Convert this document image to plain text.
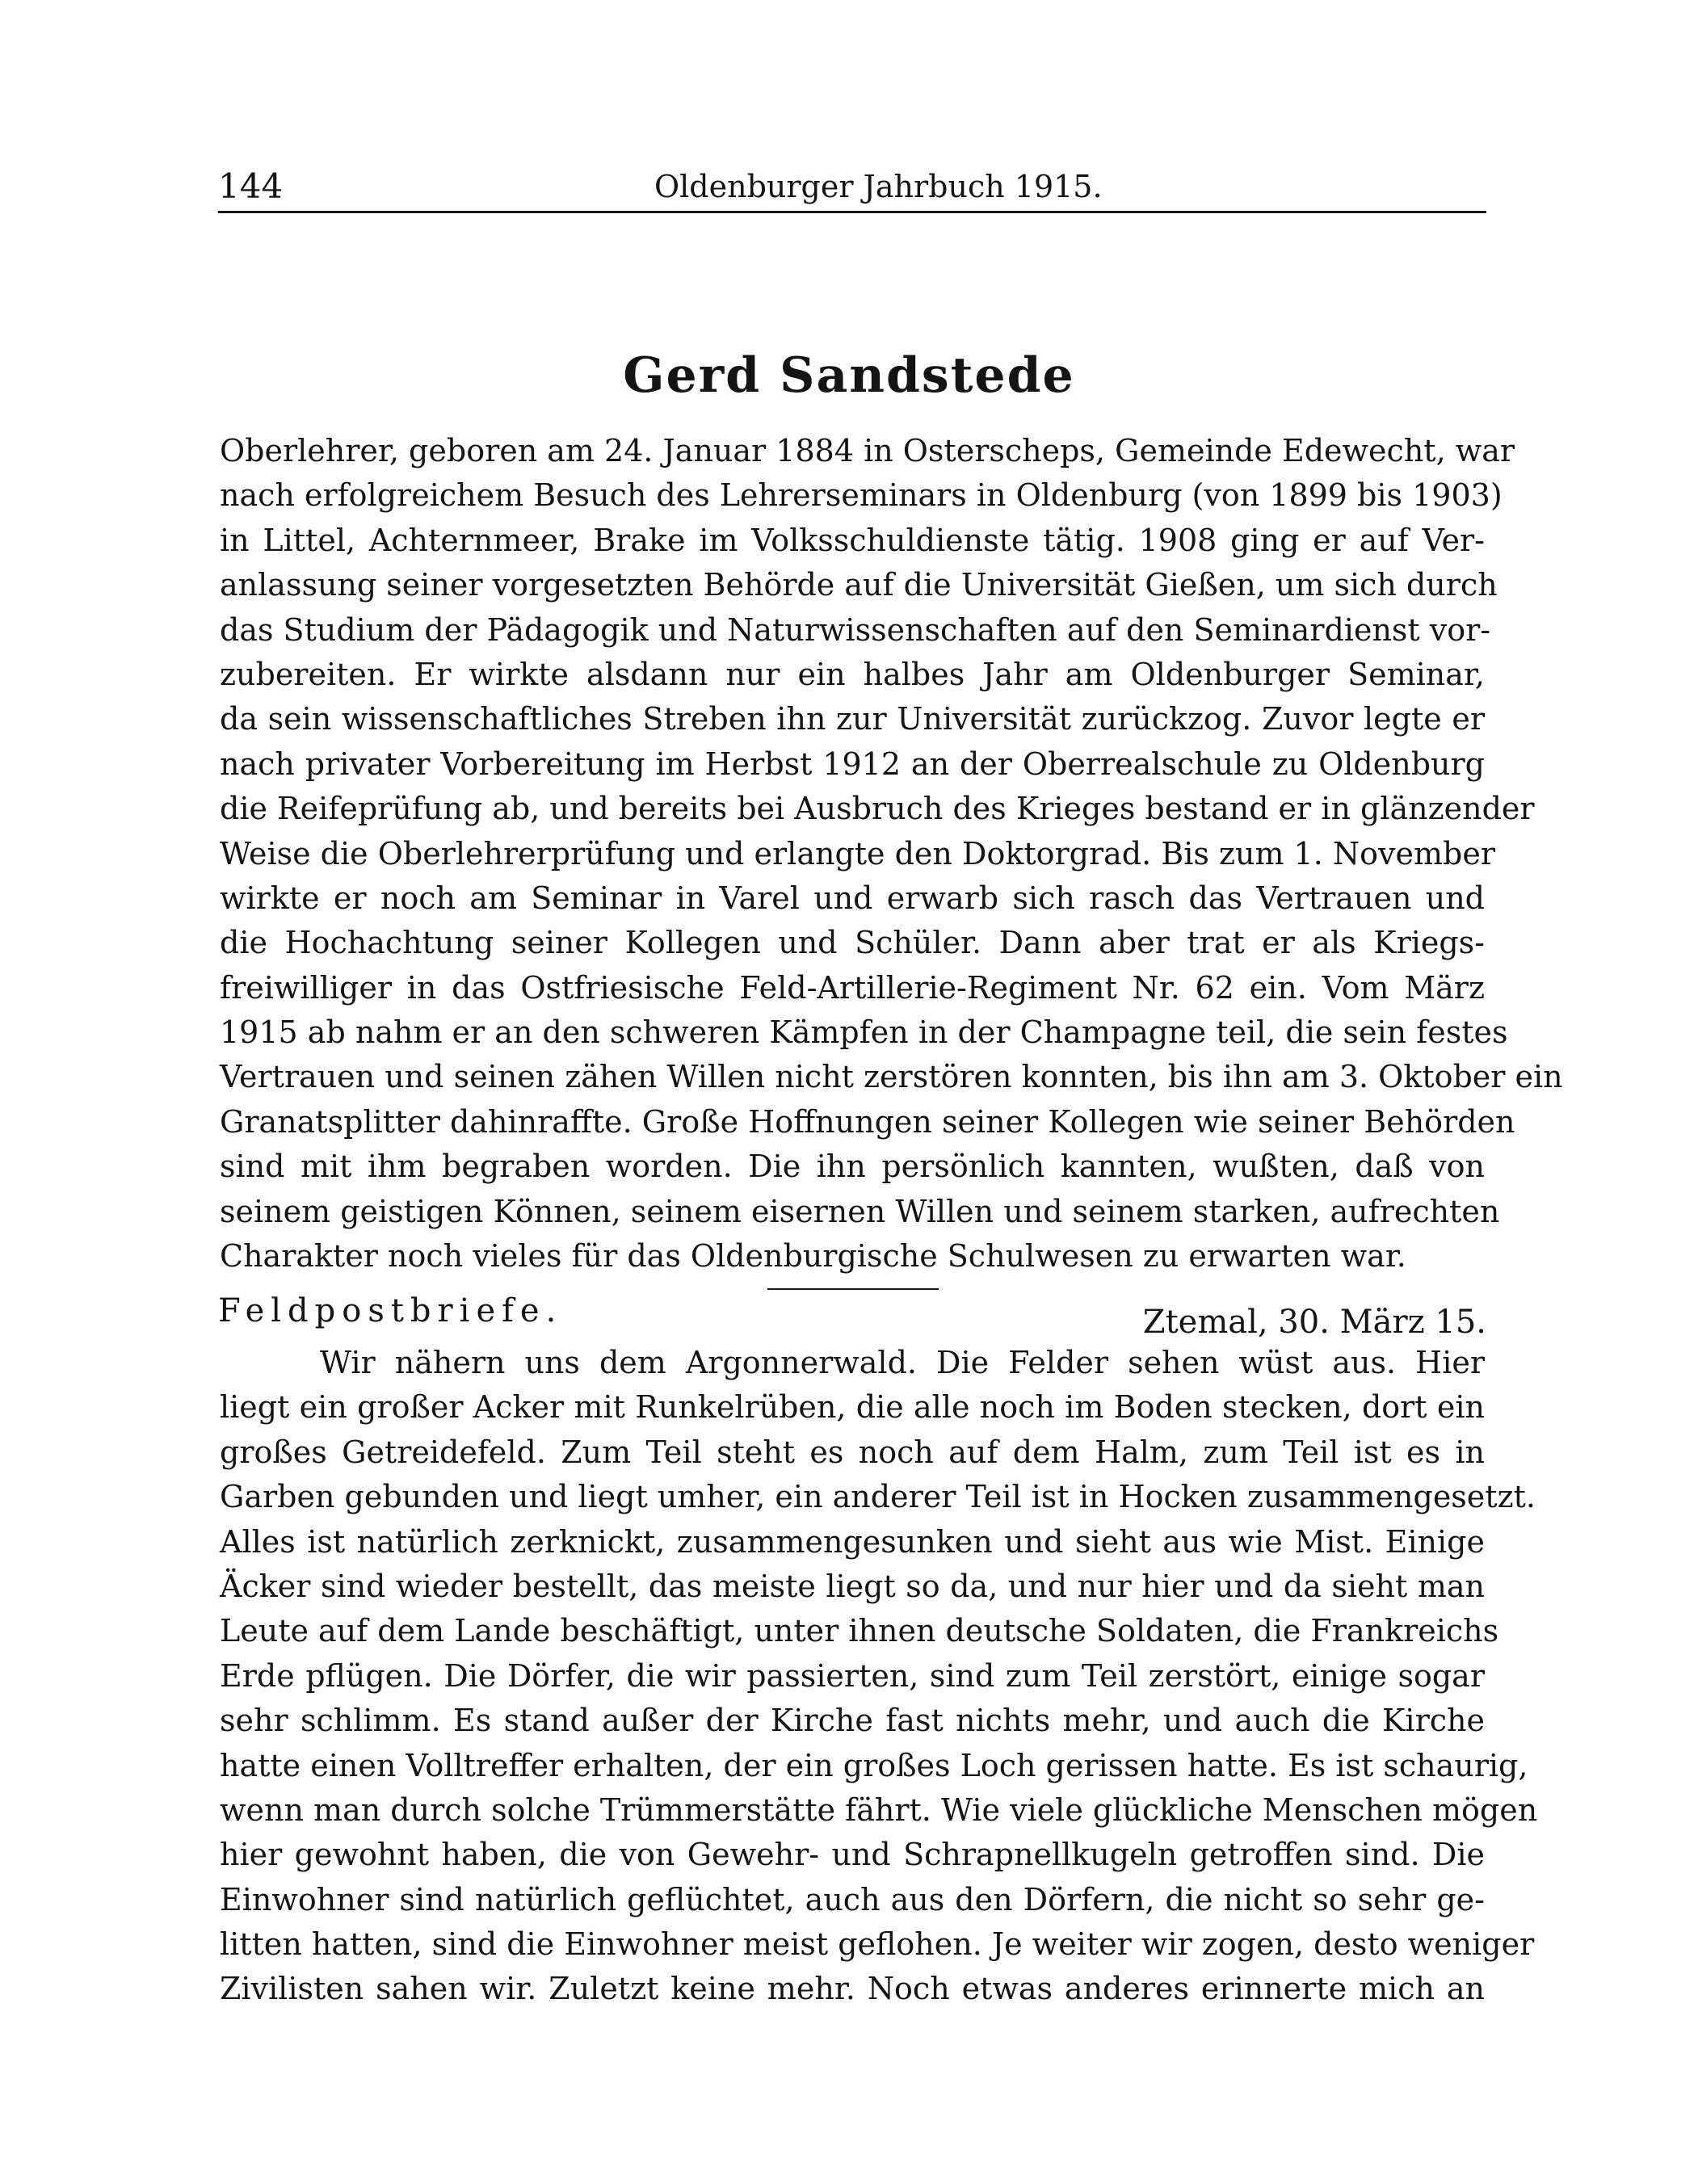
144	Oldenburger Jahrbuch 1915.
Gerd Sandstede
Oberlehrer, geboren am 24. Januar 1884 in Osterscheps, Gemeinde Edewecht, war
nach erfolgreichem Besuch des Lehrerseminars in Oldenburg (von 1899 bis 1903)
in Littel, Achternmeer, Brake im Volksschuldienste tätig. 1908 ging er auf Ver-
anlassung seiner vorgesetzten Behörde auf die Universität Gießen, um sich durch
das Studium der Pädagogik und Naturwissenschaften auf den Seminardienst vor-
zubereiten. Er wirkte alsdann nur ein halbes Jahr am Oldenburger Seminar,
da sein wissenschaftliches Streben ihn zur Universität zurückzog. Zuvor legte er
nach privater Vorbereitung im Herbst 1912 an der Oberrealschule zu Oldenburg
die Reifeprüfung ab, und bereits bei Ausbruch des Krieges bestand er in glänzender
Weise die Oberlehrerprüfung und erlangte den Doktorgrad. Bis zum 1. November
wirkte er noch am Seminar in Varel und erwarb sich rasch das Vertrauen und
die Hochachtung seiner Kollegen und Schüler. Dann aber trat er als Kriegs-
freiwilliger in das Ostfriesische Feld-Artillerie-Regiment Nr. 62 ein. Vom März
1915 ab nahm er an den schweren Kämpfen in der Champagne teil, die sein festes
Vertrauen und seinen zähen Willen nicht zerstören konnten, bis ihn am 3. Oktober ein
Granatsplitter dahinraffte. Große Hoffnungen seiner Kollegen wie seiner Behörden
sind mit ihm begraben worden. Die ihn persönlich kannten, wußten, daß von
seinem geistigen Können, seinem eisernen Willen und seinem starken, aufrechten
Charakter noch vieles für das Oldenburgische Schulwesen zu erwarten war.
Feldpostbriefe.	Ztemal, 30. März 15.
Wir nähern uns dem Argonnerwald. Die Felder sehen wüst aus. Hier
liegt ein großer Acker mit Runkelrüben, die alle noch im Boden stecken, dort ein
großes Getreidefeld. Zum Teil steht es noch auf dem Halm, zum Teil ist es in
Garben gebunden und liegt umher, ein anderer Teil ist in Hocken zusammengesetzt.
Alles ist natürlich zerknickt, zusammengesunken und sieht aus wie Mist. Einige
Äcker sind wieder bestellt, das meiste liegt so da, und nur hier und da sieht man
Leute auf dem Lande beschäftigt, unter ihnen deutsche Soldaten, die Frankreichs
Erde pflügen. Die Dörfer, die wir passierten, sind zum Teil zerstört, einige sogar
sehr schlimm. Es stand außer der Kirche fast nichts mehr, und auch die Kirche
hatte einen Volltreffer erhalten, der ein großes Loch gerissen hatte. Es ist schaurig,
wenn man durch solche Trümmerstätte fährt. Wie viele glückliche Menschen mögen
hier gewohnt haben, die von Gewehr- und Schrapnellkugeln getroffen sind. Die
Einwohner sind natürlich geflüchtet, auch aus den Dörfern, die nicht so sehr ge-
litten hatten, sind die Einwohner meist geflohen. Je weiter wir zogen, desto weniger
Zivilisten sahen wir. Zuletzt keine mehr. Noch etwas anderes erinnerte mich an
